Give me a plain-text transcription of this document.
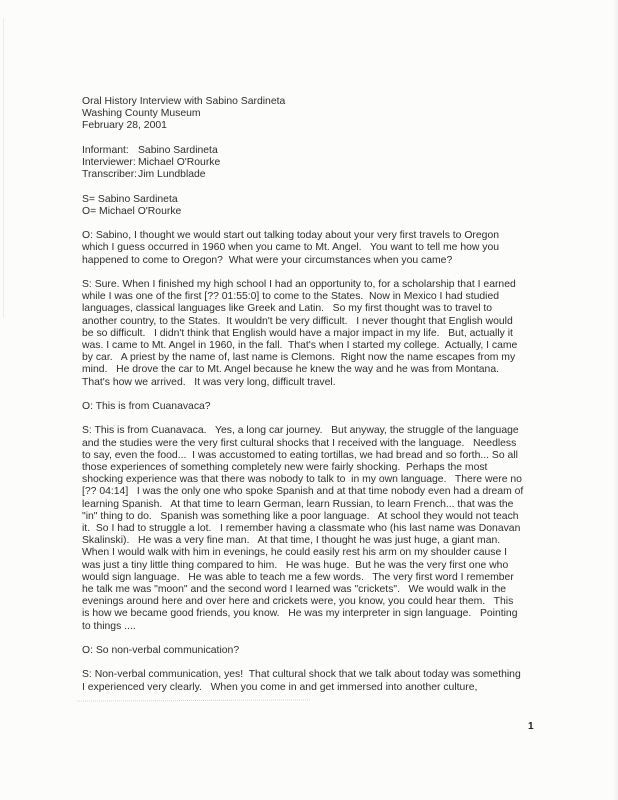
Oral History Interview with Sabino Sardineta
Washing County Museum
February 28, 2001
Informant: Sabino Sardineta
Interviewer: Michael O'Rourke
Transcriber: Jim Lundblade
S= Sabino Sardineta
O= Michael O'Rourke
O: Sabino, I thought we would start out talking today about your very first travels to Oregon
which I guess occurred in 1960 when you came to Mt. Angel.   You want to tell me how you
happened to come to Oregon?  What were your circumstances when you came?
S: Sure. When I finished my high school I had an opportunity to, for a scholarship that I earned
while I was one of the first [?? 01:55:0] to come to the States.  Now in Mexico I had studied
languages, classical languages like Greek and Latin.   So my first thought was to travel to
another country, to the States.  It wouldn't be very difficult.   I never thought that English would
be so difficult.   I didn't think that English would have a major impact in my life.   But, actually it
was. I came to Mt. Angel in 1960, in the fall.  That's when I started my college.  Actually, I came
by car.   A priest by the name of, last name is Clemons.  Right now the name escapes from my
mind.   He drove the car to Mt. Angel because he knew the way and he was from Montana.
That's how we arrived.   It was very long, difficult travel.
O: This is from Cuanavaca?
S: This is from Cuanavaca.   Yes, a long car journey.   But anyway, the struggle of the language
and the studies were the very first cultural shocks that I received with the language.   Needless
to say, even the food...  I was accustomed to eating tortillas, we had bread and so forth... So all
those experiences of something completely new were fairly shocking.  Perhaps the most
shocking experience was that there was nobody to talk to  in my own language.   There were no
[?? 04:14]   I was the only one who spoke Spanish and at that time nobody even had a dream of
learning Spanish.   At that time to learn German, learn Russian, to learn French... that was the
"in" thing to do.   Spanish was something like a poor language.   At school they would not teach
it.  So I had to struggle a lot.   I remember having a classmate who (his last name was Donavan
Skalinski).   He was a very fine man.   At that time, I thought he was just huge, a giant man.
When I would walk with him in evenings, he could easily rest his arm on my shoulder cause I
was just a tiny little thing compared to him.   He was huge.  But he was the very first one who
would sign language.   He was able to teach me a few words.   The very first word I remember
he talk me was "moon" and the second word I learned was "crickets".   We would walk in the
evenings around here and over here and crickets were, you know, you could hear them.   This
is how we became good friends, you know.   He was my interpreter in sign language.   Pointing
to things ....
O: So non-verbal communication?
S: Non-verbal communication, yes!  That cultural shock that we talk about today was something
I experienced very clearly.   When you come in and get immersed into another culture,
1
